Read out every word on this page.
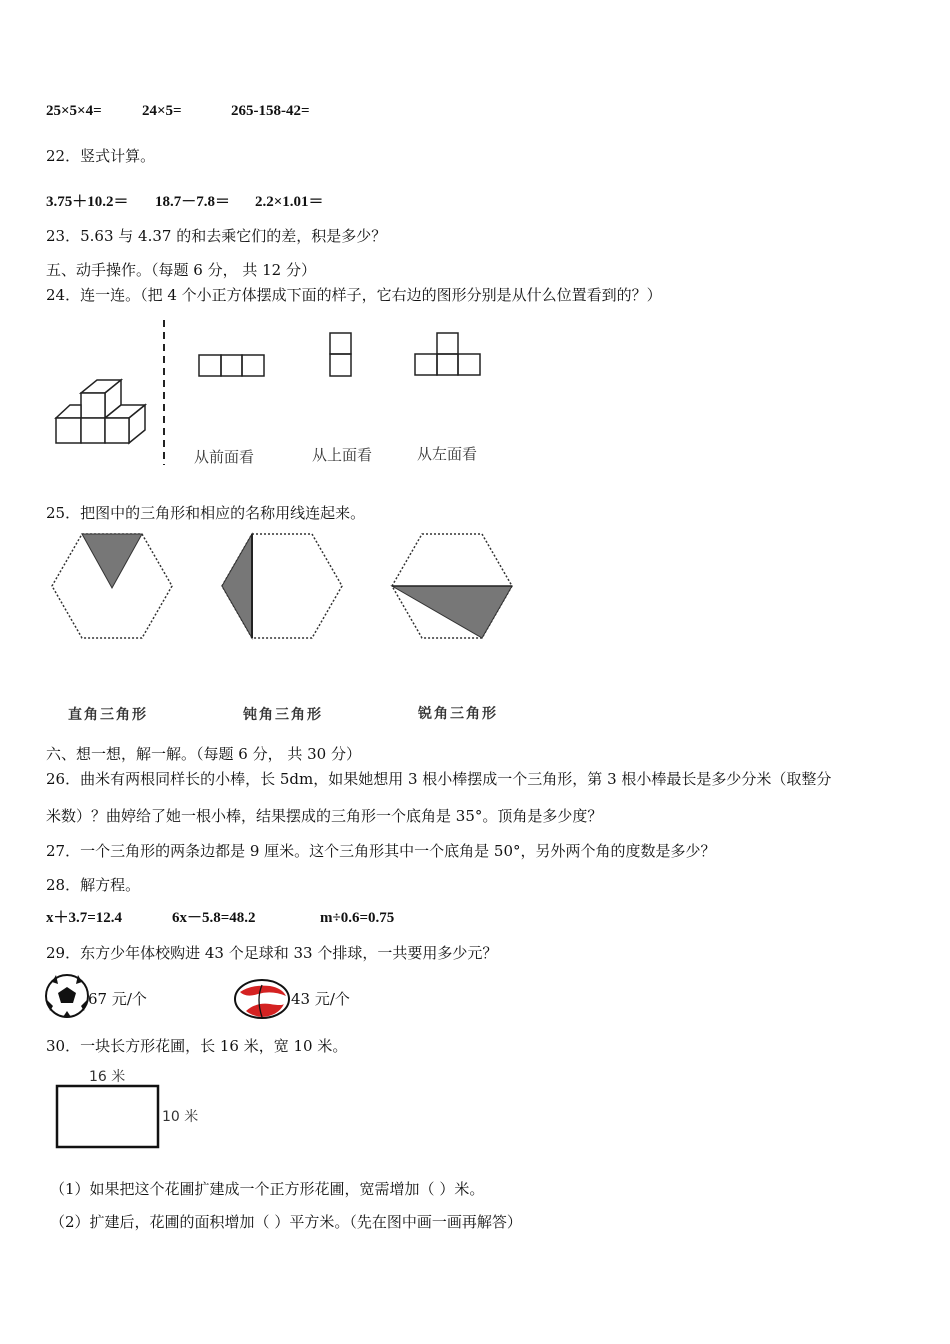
25×5×4=	24×5=	265-158-42=
22．竖式计算。
3.75＋10.2＝ 18.7－7.8＝ 2.2×1.01＝
23．5.63 与 4.37 的和去乘它们的差，积是多少？
五、动手操作。（每题 6 分， 共 12 分）
24．连一连。（把 4 个小正方体摆成下面的样子，它右边的图形分别是从什么位置看到的？）
从前面看	从上面看	从左面看
25．把图中的三角形和相应的名称用线连起来。
直角三角形	钝角三角形	锐角三角形
六、想一想，解一解。（每题 6 分， 共 30 分）
26．曲米有两根同样长的小棒，长 5dm，如果她想用 3 根小棒摆成一个三角形，第 3 根小棒最长是多少分米（取整分
米数）？曲婷给了她一根小棒，结果摆成的三角形一个底角是 35°。顶角是多少度？
27．一个三角形的两条边都是 9 厘米。这个三角形其中一个底角是 50°，另外两个角的度数是多少？
28．解方程。
x＋3.7=12.4	6x－5.8=48.2	m÷0.6=0.75
29．东方少年体校购进 43 个足球和 33 个排球，一共要用多少元？
67 元/个	43 元/个
30．一块长方形花圃，长 16 米，宽 10 米。
16 米
10 米
（1）如果把这个花圃扩建成一个正方形花圃，宽需增加（ ）米。
（2）扩建后，花圃的面积增加（ ）平方米。（先在图中画一画再解答）
